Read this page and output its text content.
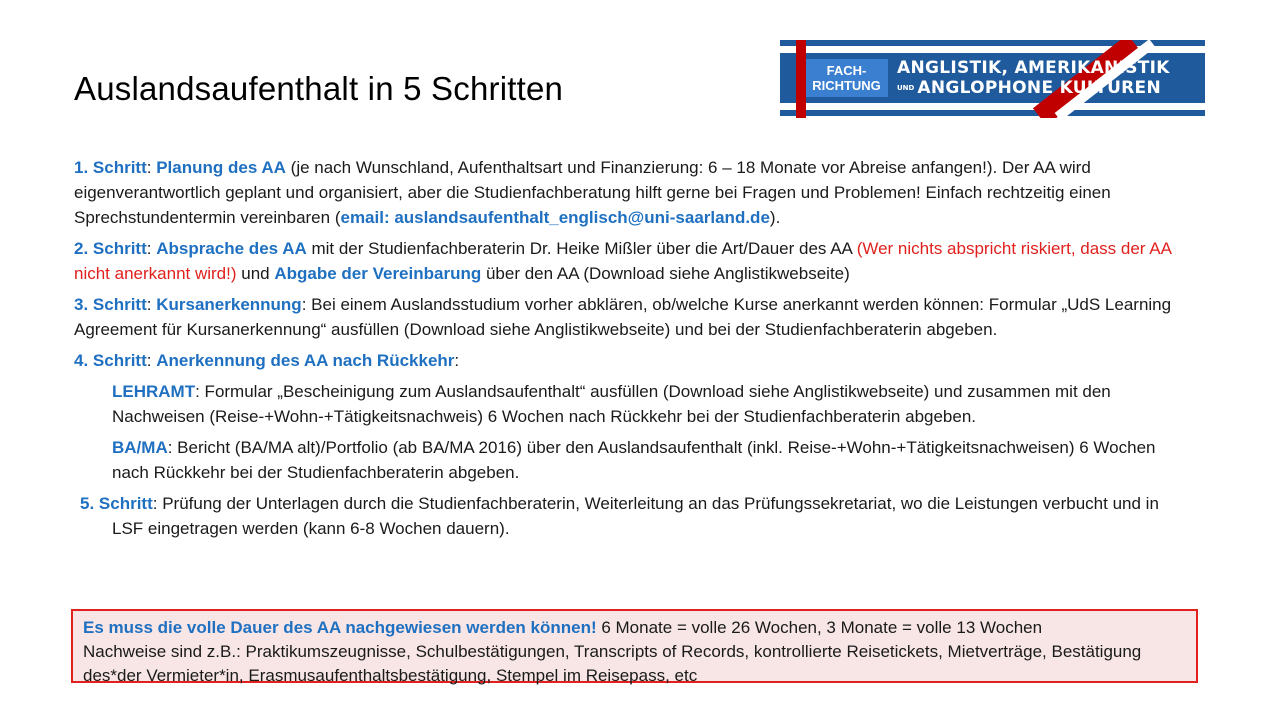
Auslandsaufenthalt in 5 Schritten	FACH-
RICHTUNG
ANGLISTIK, AMERIKANISTIK
UND ANGLOPHONE KULTUREN

1. Schritt: Planung des AA (je nach Wunschland, Aufenthaltsart und Finanzierung: 6 – 18 Monate vor Abreise anfangen!). Der AA wird eigenverantwortlich geplant und organisiert, aber die Studienfachberatung hilft gerne bei Fragen und Problemen! Einfach rechtzeitig einen Sprechstundentermin vereinbaren (email: auslandsaufenthalt_englisch@uni-saarland.de).

2. Schritt: Absprache des AA mit der Studienfachberaterin Dr. Heike Mißler über die Art/Dauer des AA (Wer nichts abspricht riskiert, dass der AA nicht anerkannt wird!) und Abgabe der Vereinbarung über den AA (Download siehe Anglistikwebseite)

3. Schritt: Kursanerkennung: Bei einem Auslandsstudium vorher abklären, ob/welche Kurse anerkannt werden können: Formular „UdS Learning Agreement für Kursanerkennung“ ausfüllen (Download siehe Anglistikwebseite) und bei der Studienfachberaterin abgeben.

4. Schritt: Anerkennung des AA nach Rückkehr:

LEHRAMT: Formular „Bescheinigung zum Auslandsaufenthalt“ ausfüllen (Download siehe Anglistikwebseite) und zusammen mit den Nachweisen (Reise-+Wohn-+Tätigkeitsnachweis) 6 Wochen nach Rückkehr bei der Studienfachberaterin abgeben.

BA/MA: Bericht (BA/MA alt)/Portfolio (ab BA/MA 2016) über den Auslandsaufenthalt (inkl. Reise-+Wohn-+Tätigkeitsnachweisen) 6 Wochen nach Rückkehr bei der Studienfachberaterin abgeben.

5. Schritt: Prüfung der Unterlagen durch die Studienfachberaterin, Weiterleitung an das Prüfungssekretariat, wo die Leistungen verbucht und in LSF eingetragen werden (kann 6-8 Wochen dauern).

Es muss die volle Dauer des AA nachgewiesen werden können! 6 Monate = volle 26 Wochen, 3 Monate = volle 13 Wochen
Nachweise sind z.B.: Praktikumszeugnisse, Schulbestätigungen, Transcripts of Records, kontrollierte Reisetickets, Mietverträge, Bestätigung des*der Vermieter*in, Erasmusaufenthaltsbestätigung, Stempel im Reisepass, etc
